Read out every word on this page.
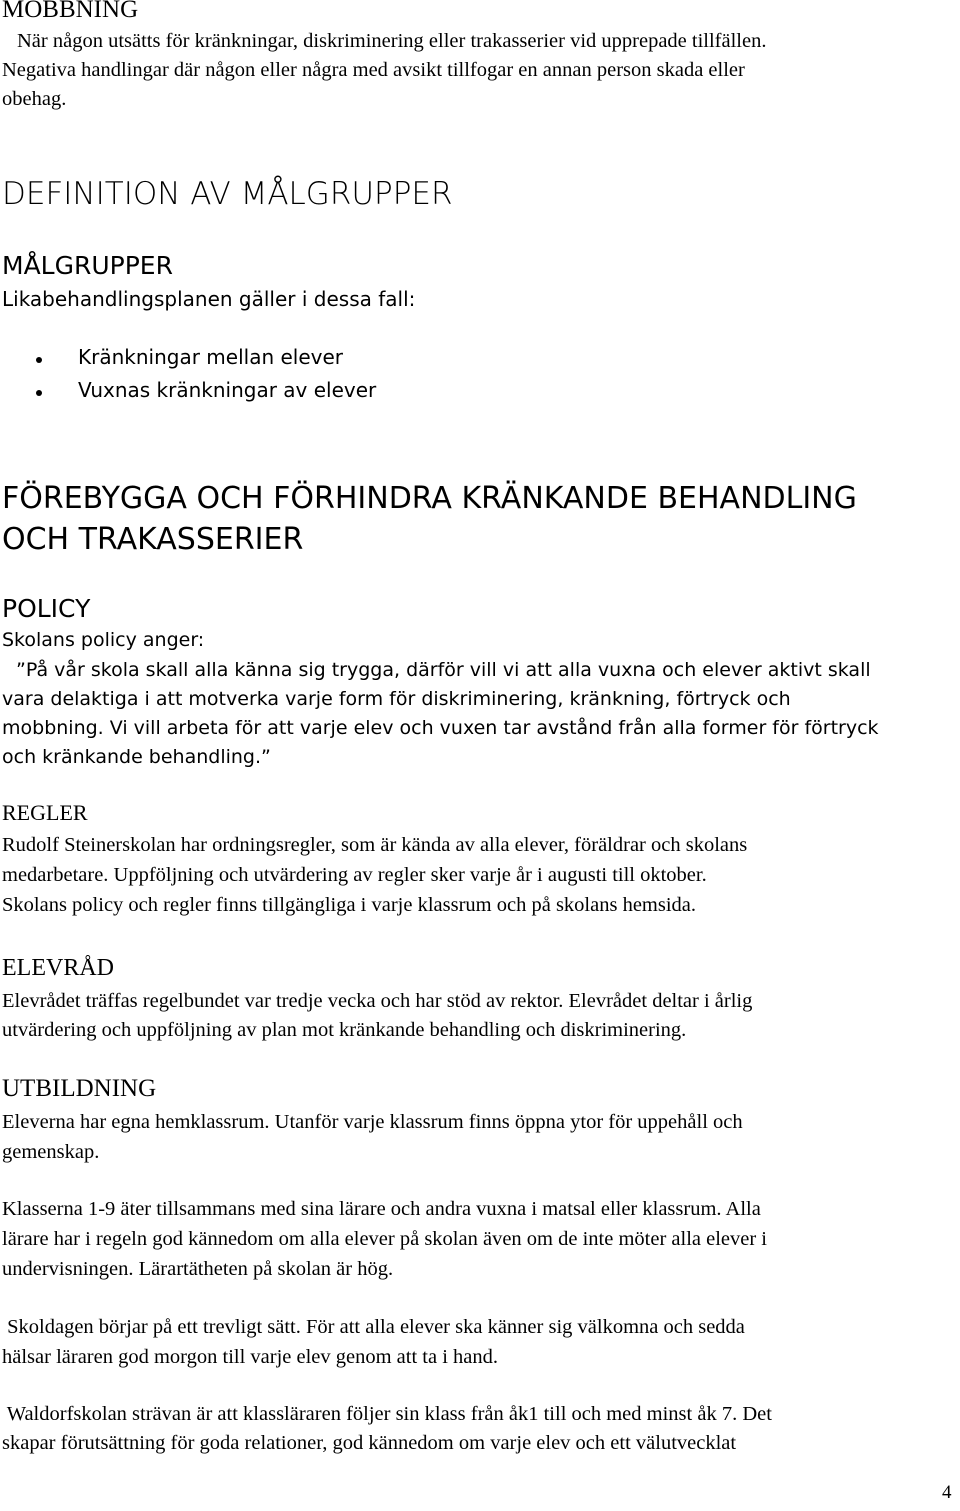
MOBBNING
När någon utsätts för kränkningar, diskriminering eller trakasserier vid upprepade tillfällen.
Negativa handlingar där någon eller några med avsikt tillfogar en annan person skada eller
obehag.
DEFINITION AV MÅLGRUPPER
MÅLGRUPPER
Likabehandlingsplanen gäller i dessa fall:
Kränkningar mellan elever
Vuxnas kränkningar av elever
FÖREBYGGA OCH FÖRHINDRA KRÄNKANDE BEHANDLING
OCH TRAKASSERIER
POLICY
Skolans policy anger:
”På vår skola skall alla känna sig trygga, därför vill vi att alla vuxna och elever aktivt skall
vara delaktiga i att motverka varje form för diskriminering, kränkning, förtryck och
mobbning. Vi vill arbeta för att varje elev och vuxen tar avstånd från alla former för förtryck
och kränkande behandling.”
REGLER
Rudolf Steinerskolan har ordningsregler, som är kända av alla elever, föräldrar och skolans
medarbetare. Uppföljning och utvärdering av regler sker varje år i augusti till oktober.
Skolans policy och regler finns tillgängliga i varje klassrum och på skolans hemsida.
ELEVRÅD
Elevrådet träffas regelbundet var tredje vecka och har stöd av rektor. Elevrådet deltar i årlig
utvärdering och uppföljning av plan mot kränkande behandling och diskriminering.
UTBILDNING
Eleverna har egna hemklassrum. Utanför varje klassrum finns öppna ytor för uppehåll och
gemenskap.
Klasserna 1-9 äter tillsammans med sina lärare och andra vuxna i matsal eller klassrum. Alla
lärare har i regeln god kännedom om alla elever på skolan även om de inte möter alla elever i
undervisningen. Lärartätheten på skolan är hög.
Skoldagen börjar på ett trevligt sätt. För att alla elever ska känner sig välkomna och sedda
hälsar läraren god morgon till varje elev genom att ta i hand.
Waldorfskolan strävan är att klassläraren följer sin klass från åk1 till och med minst åk 7. Det
skapar förutsättning för goda relationer, god kännedom om varje elev och ett välutvecklat
4
